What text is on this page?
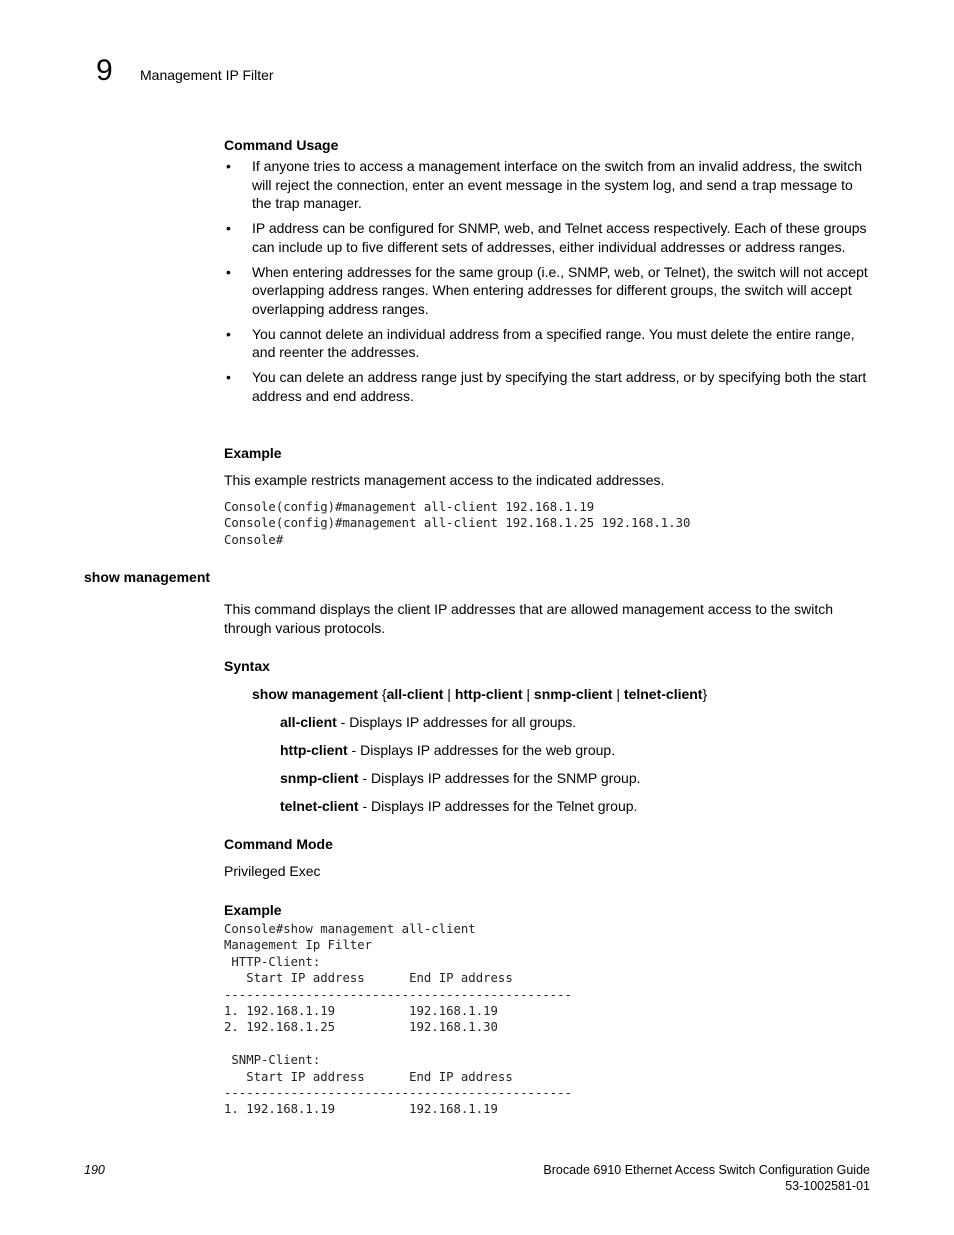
9 Management IP Filter
Command Usage
• If anyone tries to access a management interface on the switch from an invalid address, the switch will reject the connection, enter an event message in the system log, and send a trap message to the trap manager.
• IP address can be configured for SNMP, web, and Telnet access respectively. Each of these groups can include up to five different sets of addresses, either individual addresses or address ranges.
• When entering addresses for the same group (i.e., SNMP, web, or Telnet), the switch will not accept overlapping address ranges. When entering addresses for different groups, the switch will accept overlapping address ranges.
• You cannot delete an individual address from a specified range. You must delete the entire range, and reenter the addresses.
• You can delete an address range just by specifying the start address, or by specifying both the start address and end address.
Example
This example restricts management access to the indicated addresses.
Console(config)#management all-client 192.168.1.19
Console(config)#management all-client 192.168.1.25 192.168.1.30
Console#
show management
This command displays the client IP addresses that are allowed management access to the switch through various protocols.
Syntax
show management {all-client | http-client | snmp-client | telnet-client}
all-client - Displays IP addresses for all groups.
http-client - Displays IP addresses for the web group.
snmp-client - Displays IP addresses for the SNMP group.
telnet-client - Displays IP addresses for the Telnet group.
Command Mode
Privileged Exec
Example
Console#show management all-client
Management Ip Filter
HTTP-Client:
Start IP address      End IP address
-----------------------------------------------
1. 192.168.1.19          192.168.1.19
2. 192.168.1.25          192.168.1.30

SNMP-Client:
Start IP address      End IP address
-----------------------------------------------
1. 192.168.1.19          192.168.1.19
190	Brocade 6910 Ethernet Access Switch Configuration Guide
53-1002581-01
